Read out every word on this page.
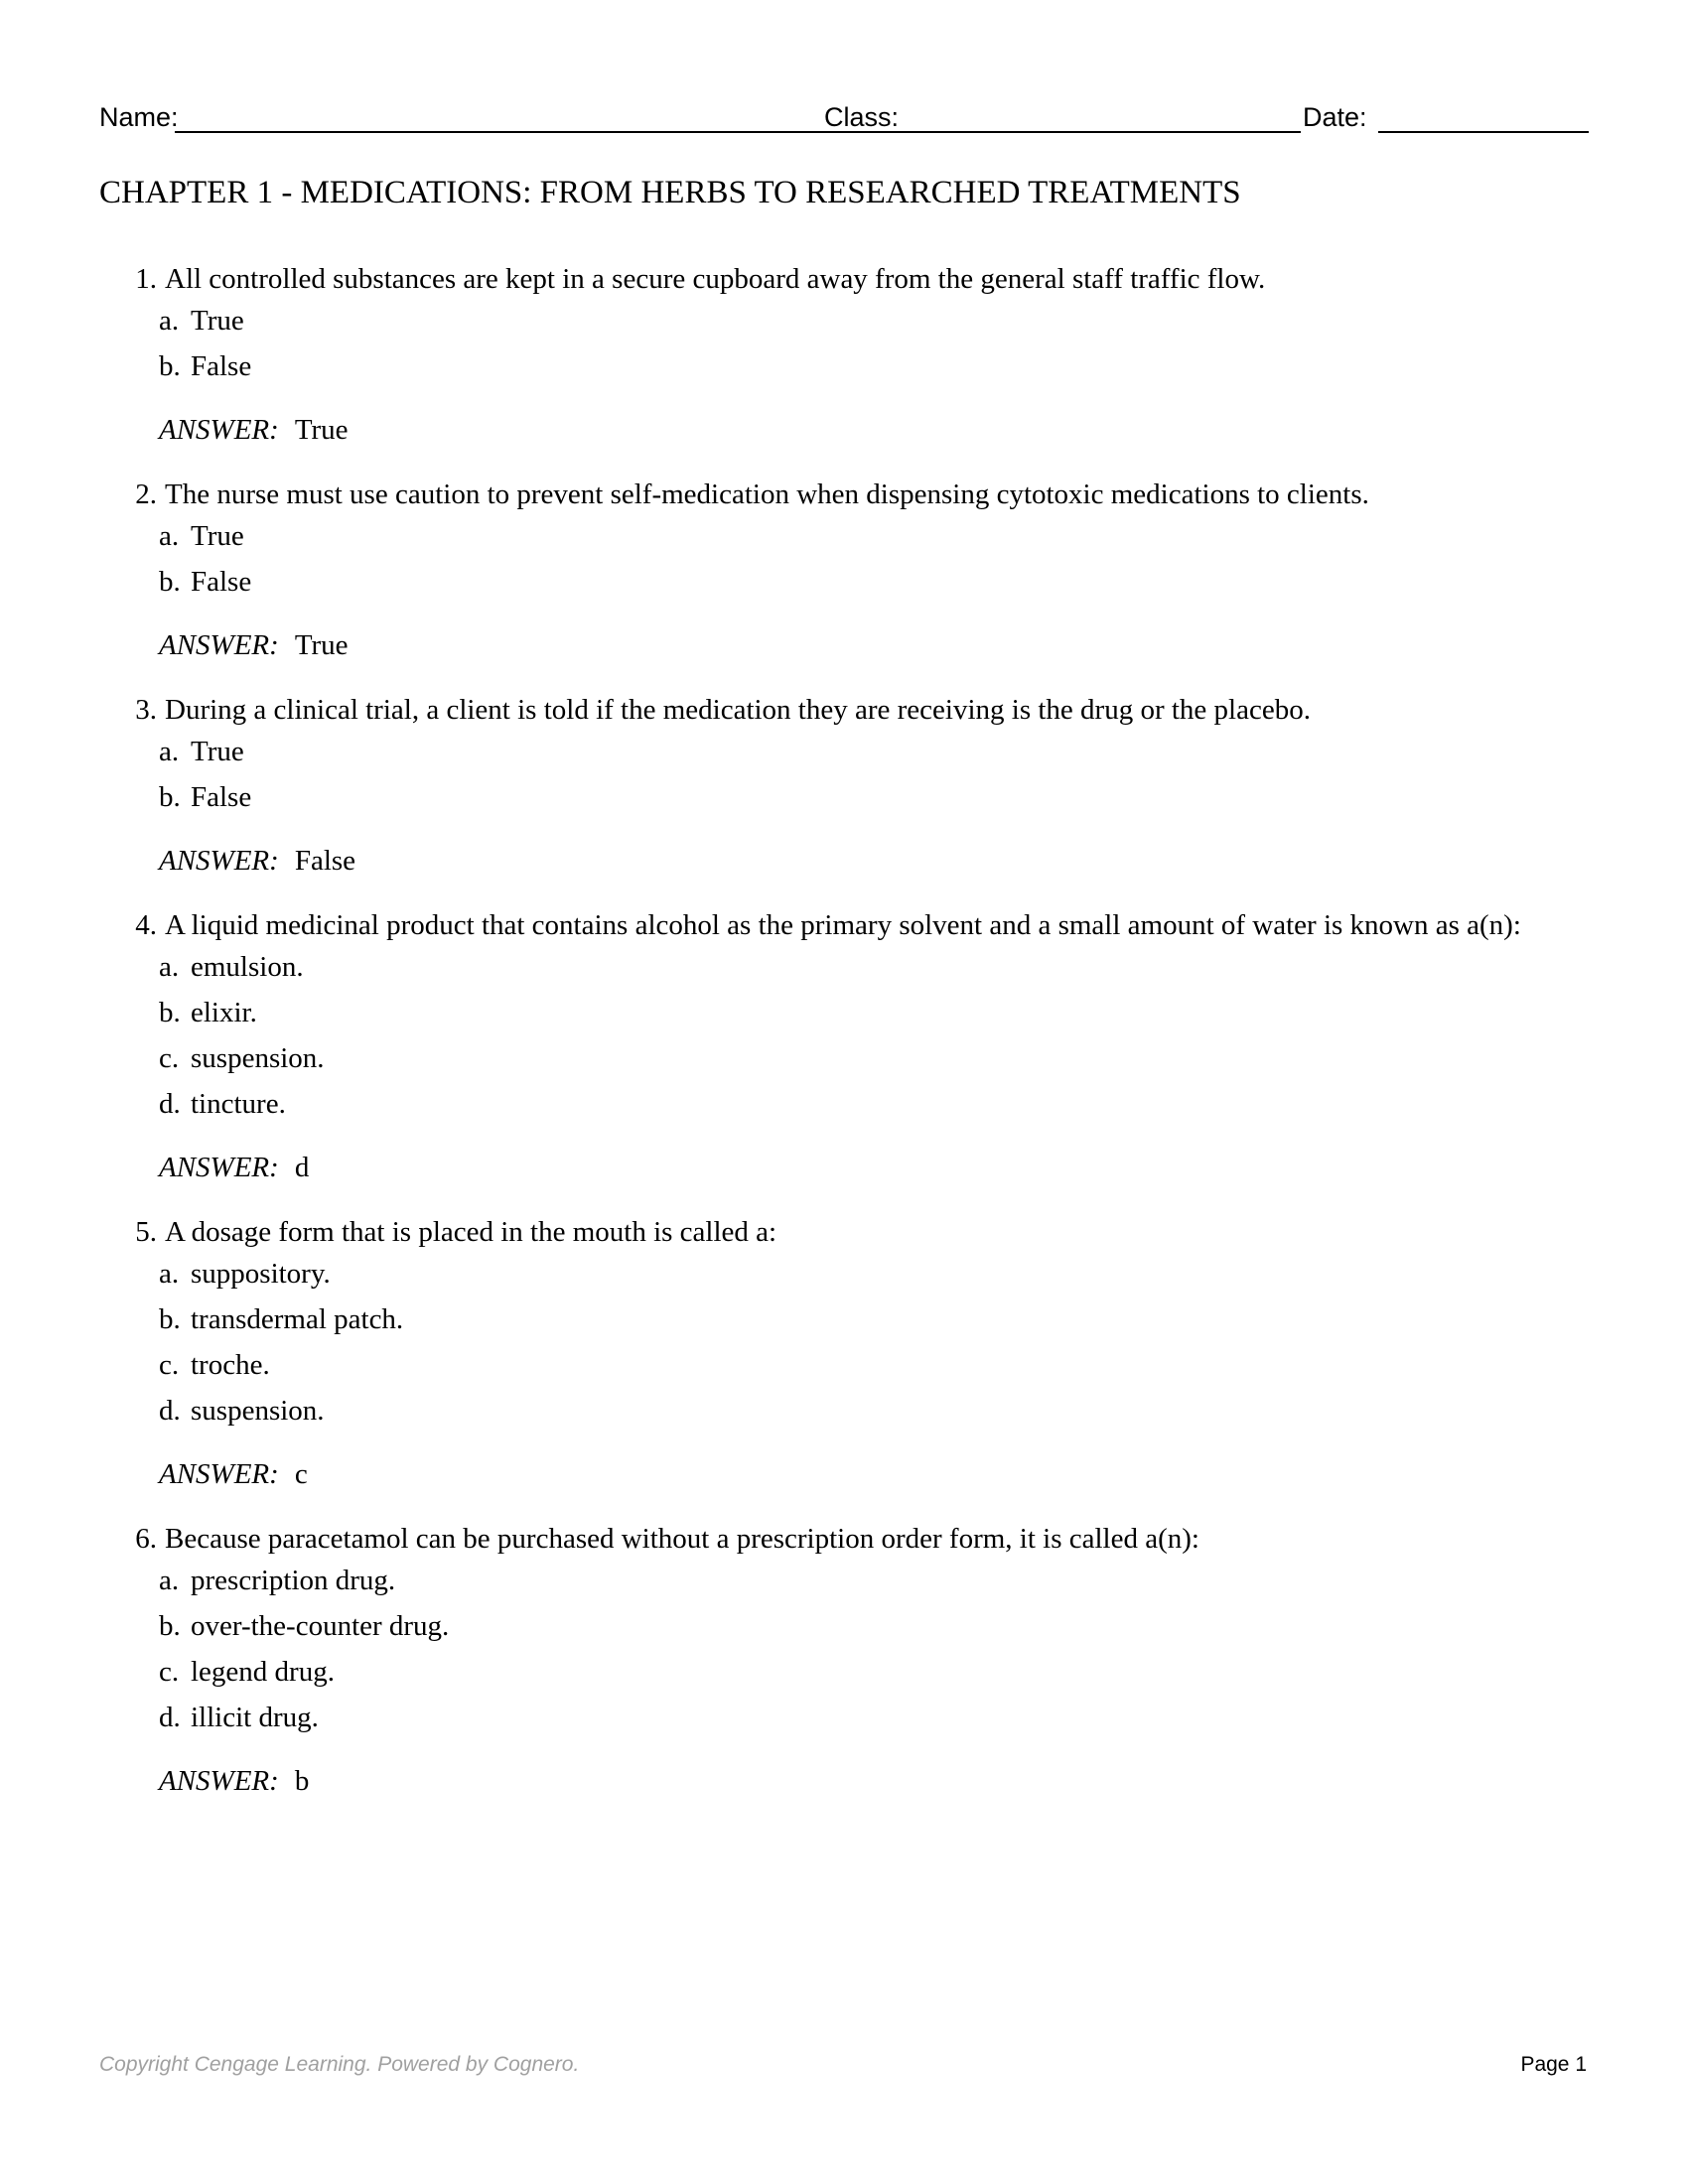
Name:	Class:	Date:
CHAPTER 1 - MEDICATIONS: FROM HERBS TO RESEARCHED TREATMENTS
1. All controlled substances are kept in a secure cupboard away from the general staff traffic flow.
a. True
b. False
ANSWER: True
2. The nurse must use caution to prevent self-medication when dispensing cytotoxic medications to clients.
a. True
b. False
ANSWER: True
3. During a clinical trial, a client is told if the medication they are receiving is the drug or the placebo.
a. True
b. False
ANSWER: False
4. A liquid medicinal product that contains alcohol as the primary solvent and a small amount of water is known as a(n):
a. emulsion.
b. elixir.
c. suspension.
d. tincture.
ANSWER: d
5. A dosage form that is placed in the mouth is called a:
a. suppository.
b. transdermal patch.
c. troche.
d. suspension.
ANSWER: c
6. Because paracetamol can be purchased without a prescription order form, it is called a(n):
a. prescription drug.
b. over-the-counter drug.
c. legend drug.
d. illicit drug.
ANSWER: b
Copyright Cengage Learning. Powered by Cognero.	Page 1
